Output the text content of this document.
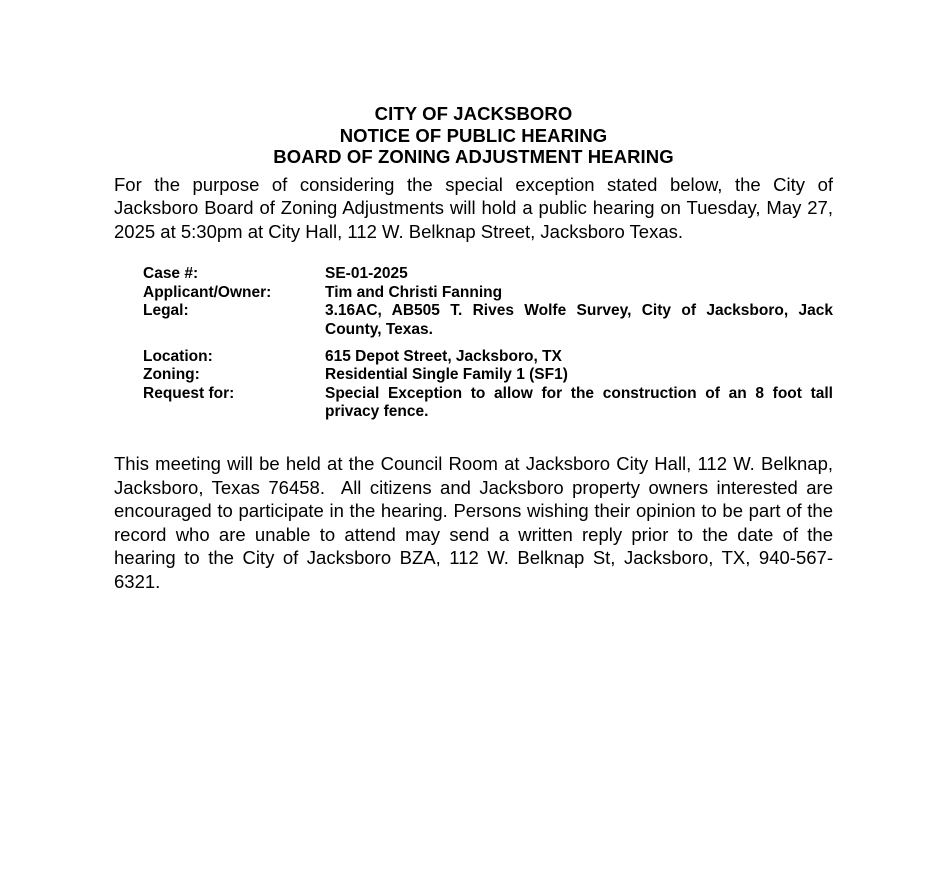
CITY OF JACKSBORO
NOTICE OF PUBLIC HEARING
BOARD OF ZONING ADJUSTMENT HEARING

For the purpose of considering the special exception stated below, the City of Jacksboro Board of Zoning Adjustments will hold a public hearing on Tuesday, May 27, 2025 at 5:30pm at City Hall, 112 W. Belknap Street, Jacksboro Texas.

Case #:	SE-01-2025
Applicant/Owner:	Tim and Christi Fanning
Legal:	3.16AC, AB505 T. Rives Wolfe Survey, City of Jacksboro, Jack County, Texas.
Location:	615 Depot Street, Jacksboro, TX
Zoning:	Residential Single Family 1 (SF1)
Request for:	Special Exception to allow for the construction of an 8 foot tall privacy fence.

This meeting will be held at the Council Room at Jacksboro City Hall, 112 W. Belknap, Jacksboro, Texas 76458.  All citizens and Jacksboro property owners interested are encouraged to participate in the hearing. Persons wishing their opinion to be part of the record who are unable to attend may send a written reply prior to the date of the hearing to the City of Jacksboro BZA, 112 W. Belknap St, Jacksboro, TX, 940-567-6321.
